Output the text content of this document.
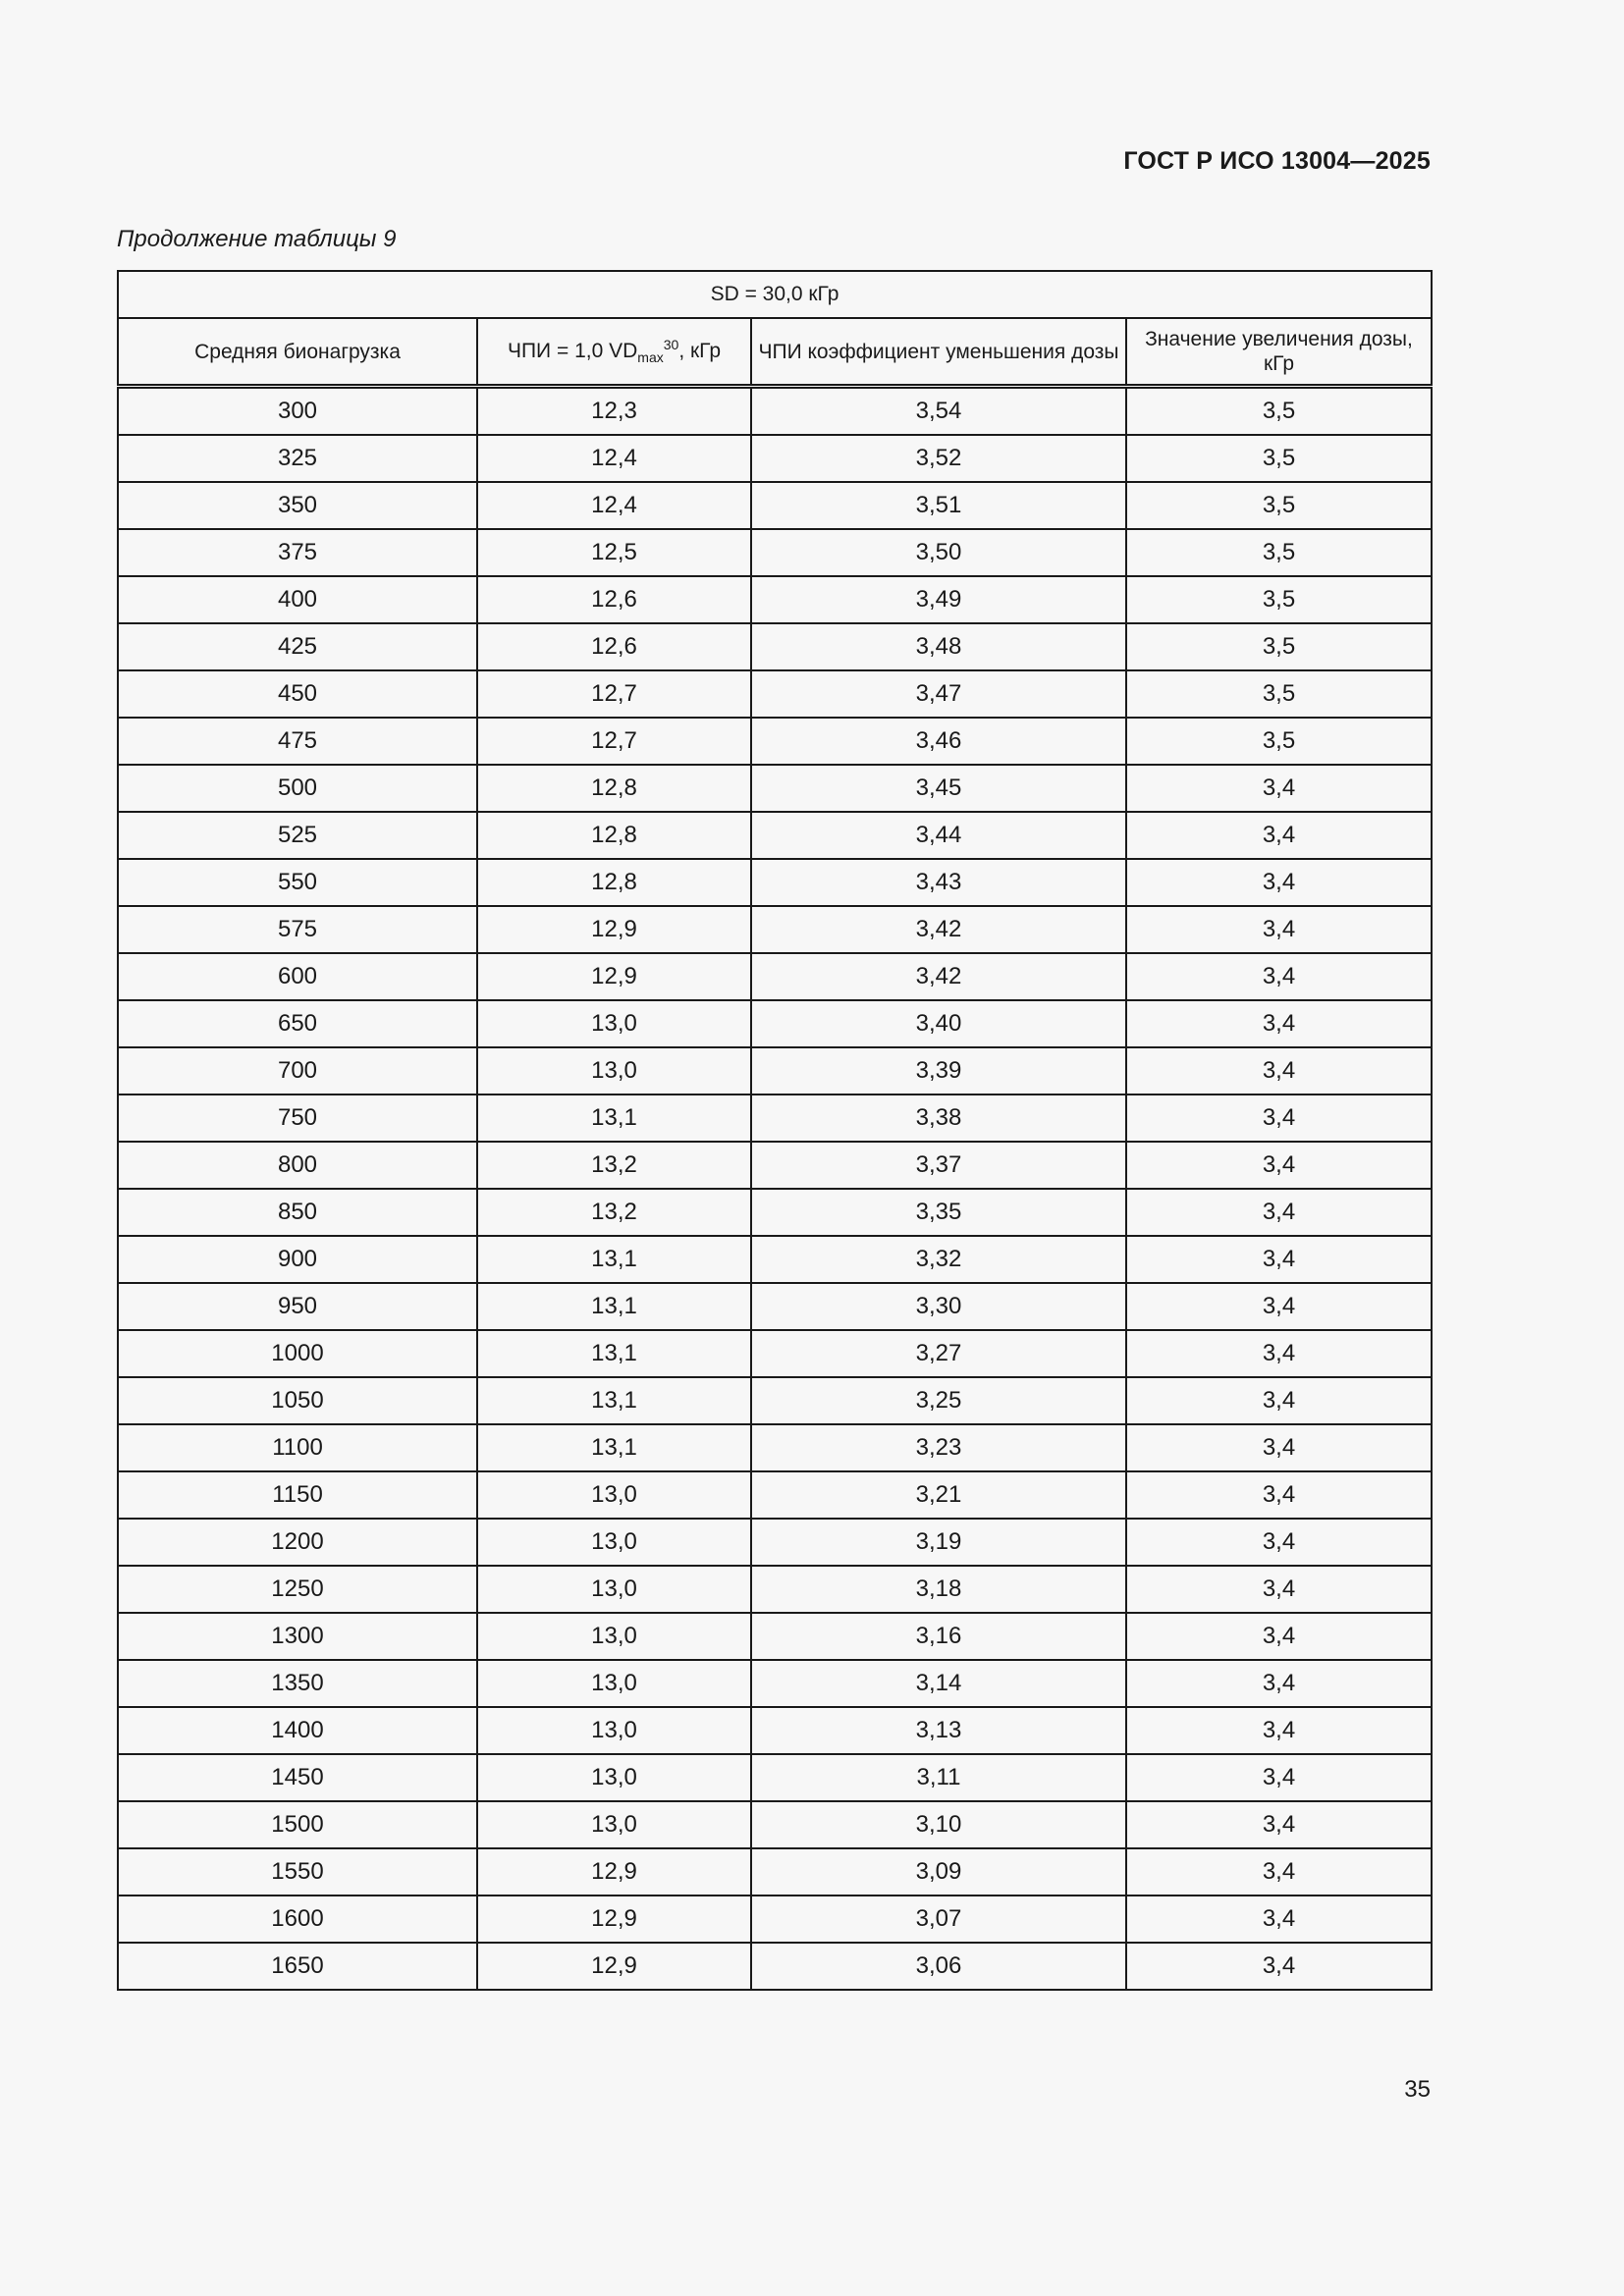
ГОСТ Р ИСО 13004—2025
Продолжение таблицы 9
SD = 30,0 кГр			
Средняя бионагрузка	ЧПИ = 1,0 $VD_{max}^{30}$, кГр	ЧПИ коэффициент уменьшения дозы	Значение увеличения дозы, кГр
300	12,3	3,54	3,5
325	12,4	3,52	3,5
350	12,4	3,51	3,5
375	12,5	3,50	3,5
400	12,6	3,49	3,5
425	12,6	3,48	3,5
450	12,7	3,47	3,5
475	12,7	3,46	3,5
500	12,8	3,45	3,4
525	12,8	3,44	3,4
550	12,8	3,43	3,4
575	12,9	3,42	3,4
600	12,9	3,42	3,4
650	13,0	3,40	3,4
700	13,0	3,39	3,4
750	13,1	3,38	3,4
800	13,2	3,37	3,4
850	13,2	3,35	3,4
900	13,1	3,32	3,4
950	13,1	3,30	3,4
1000	13,1	3,27	3,4
1050	13,1	3,25	3,4
1100	13,1	3,23	3,4
1150	13,0	3,21	3,4
1200	13,0	3,19	3,4
1250	13,0	3,18	3,4
1300	13,0	3,16	3,4
1350	13,0	3,14	3,4
1400	13,0	3,13	3,4
1450	13,0	3,11	3,4
1500	13,0	3,10	3,4
1550	12,9	3,09	3,4
1600	12,9	3,07	3,4
1650	12,9	3,06	3,4
35
